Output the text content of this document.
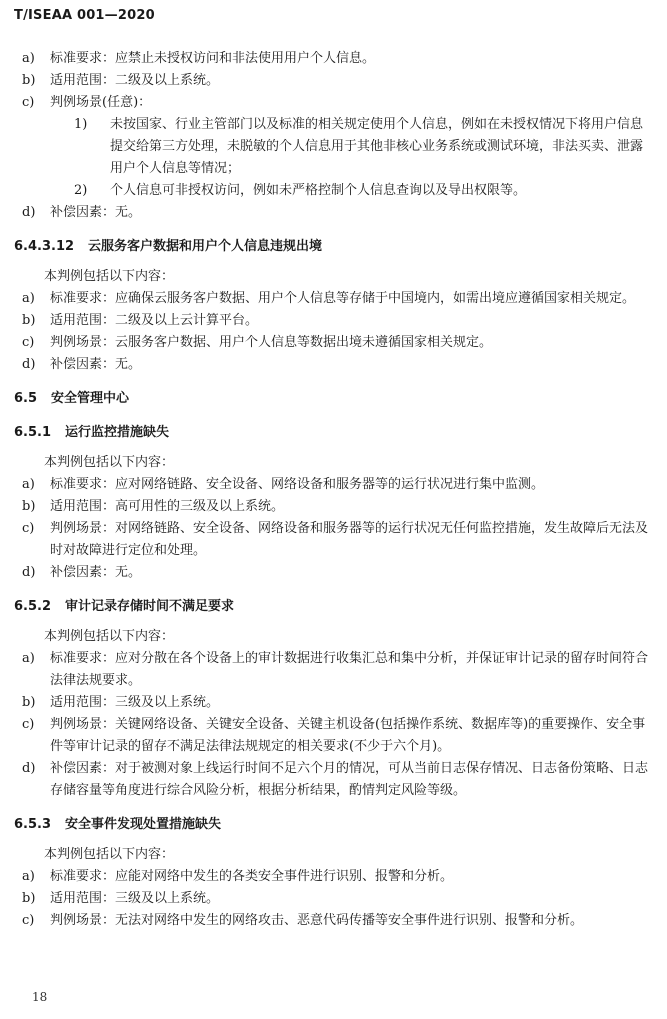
T/ISEAA 001—2020
a)	标准要求：应禁止未授权访问和非法使用用户个人信息。
b)	适用范围：二级及以上系统。
c)	判例场景(任意)：
1)	未按国家、行业主管部门以及标准的相关规定使用个人信息，例如在未授权情况下将用户信息提交给第三方处理，未脱敏的个人信息用于其他非核心业务系统或测试环境，非法买卖、泄露用户个人信息等情况；
2)	个人信息可非授权访问，例如未严格控制个人信息查询以及导出权限等。
d)	补偿因素：无。
6.4.3.12 云服务客户数据和用户个人信息违规出境
本判例包括以下内容：
a)	标准要求：应确保云服务客户数据、用户个人信息等存储于中国境内，如需出境应遵循国家相关规定。
b)	适用范围：二级及以上云计算平台。
c)	判例场景：云服务客户数据、用户个人信息等数据出境未遵循国家相关规定。
d)	补偿因素：无。
6.5 安全管理中心
6.5.1 运行监控措施缺失
本判例包括以下内容：
a)	标准要求：应对网络链路、安全设备、网络设备和服务器等的运行状况进行集中监测。
b)	适用范围：高可用性的三级及以上系统。
c)	判例场景：对网络链路、安全设备、网络设备和服务器等的运行状况无任何监控措施，发生故障后无法及时对故障进行定位和处理。
d)	补偿因素：无。
6.5.2 审计记录存储时间不满足要求
本判例包括以下内容：
a)	标准要求：应对分散在各个设备上的审计数据进行收集汇总和集中分析，并保证审计记录的留存时间符合法律法规要求。
b)	适用范围：三级及以上系统。
c)	判例场景：关键网络设备、关键安全设备、关键主机设备(包括操作系统、数据库等)的重要操作、安全事件等审计记录的留存不满足法律法规规定的相关要求(不少于六个月)。
d)	补偿因素：对于被测对象上线运行时间不足六个月的情况，可从当前日志保存情况、日志备份策略、日志存储容量等角度进行综合风险分析，根据分析结果，酌情判定风险等级。
6.5.3 安全事件发现处置措施缺失
本判例包括以下内容：
a)	标准要求：应能对网络中发生的各类安全事件进行识别、报警和分析。
b)	适用范围：三级及以上系统。
c)	判例场景：无法对网络中发生的网络攻击、恶意代码传播等安全事件进行识别、报警和分析。
18
